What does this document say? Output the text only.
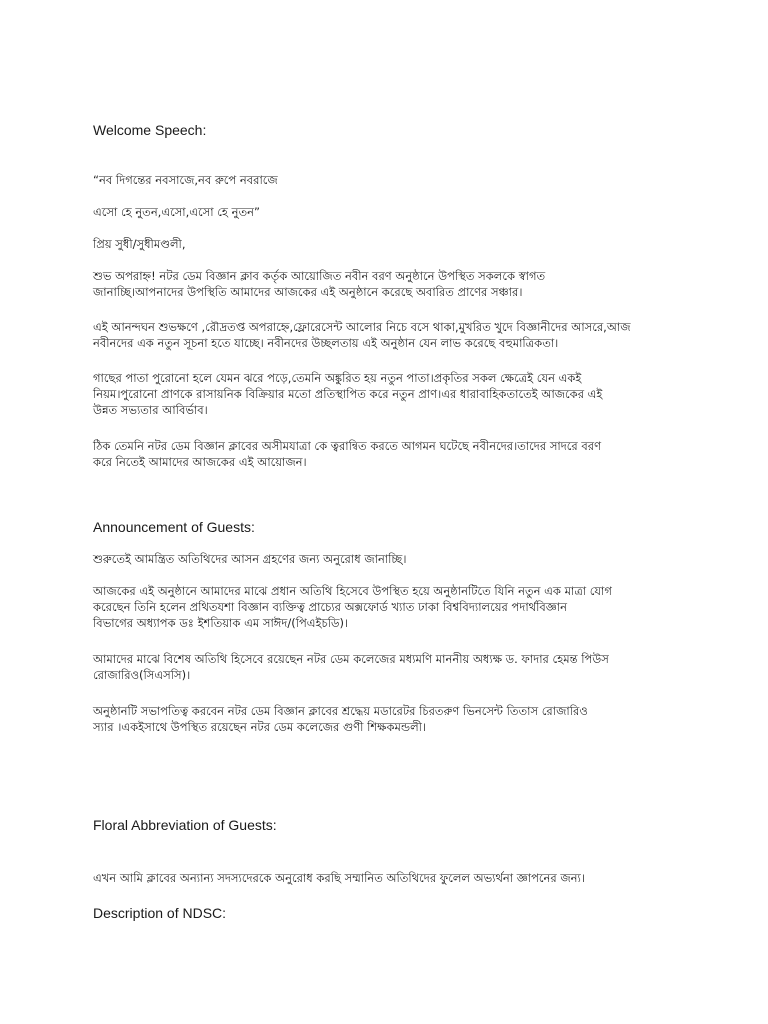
Welcome Speech:
“নব দিগন্তের নবসাজে,নব রুপে নবরাজে
এসো হে নুতন,এসো,এসো হে নুতন”
প্রিয় সুধী/সুধীমণ্ডলী,
শুভ অপরাহ্ন! নটর ডেম বিজ্ঞান ক্লাব কর্তৃক আয়োজিত নবীন বরণ অনুষ্ঠানে উপস্থিত সকলকে স্বাগত
জানাচ্ছি।আপনাদের উপস্থিতি আমাদের আজকের এই অনুষ্ঠানে করেছে অবারিত প্রাণের সঞ্চার।
এই আনন্দঘন শুভক্ষণে ,রৌদ্রতপ্ত অপরাহ্নে,ফ্লোরেসেন্ট আলোর নিচে বসে থাকা,মুখরিত খুদে বিজ্ঞানীদের আসরে,আজ
নবীনদের এক নতুন সূচনা হতে যাচ্ছে। নবীনদের উচ্ছলতায় এই অনুষ্ঠান যেন লাভ করেছে বহুমাত্রিকতা।
গাছের পাতা পুরোনো হলে যেমন ঝরে পড়ে,তেমনি অঙ্কুরিত হয় নতুন পাতা।প্রকৃতির সকল ক্ষেত্রেই যেন একই
নিয়ম।পুরোনো প্রাণকে রাসায়নিক বিক্রিয়ার মতো প্রতিস্থাপিত করে নতুন প্রাণ।এর ধারাবাহিকতাতেই আজকের এই
উন্নত সভ্যতার আবির্ভাব।
ঠিক তেমনি নটর ডেম বিজ্ঞান ক্লাবের অসীমযাত্রা কে ত্বরান্বিত করতে আগমন ঘটেছে নবীনদের।তাদের সাদরে বরণ
করে নিতেই আমাদের আজকের এই আয়োজন।
Announcement of Guests:
শুরুতেই আমন্ত্রিত অতিথিদের আসন গ্রহণের জন্য অনুরোধ জানাচ্ছি।
আজকের এই অনুষ্ঠানে আমাদের মাঝে প্রধান অতিথি হিসেবে উপস্থিত হয়ে অনুষ্ঠানটিতে যিনি নতুন এক মাত্রা যোগ
করেছেন তিনি হলেন প্রথিতযশা বিজ্ঞান ব্যক্তিত্ব প্রাচ্যের অক্সফোর্ড খ্যাত ঢাকা বিশ্ববিদ্যালয়ের পদার্থবিজ্ঞান
বিভাগের অধ্যাপক ডঃ ইশতিয়াক এম সাঈদ/(পিএইচডি)।
আমাদের মাঝে বিশেষ অতিথি হিসেবে রয়েছেন নটর ডেম কলেজের মধ্যমণি মাননীয় অধ্যক্ষ ড. ফাদার হেমন্ত পিউস
রোজারিও(সিএসসি)।
অনুষ্ঠানটি সভাপতিত্ব করবেন নটর ডেম বিজ্ঞান ক্লাবের শ্রদ্ধেয় মডারেটর চিরতরুণ ভিনসেন্ট তিতাস রোজারিও
স্যার ।একইসাথে উপস্থিত রয়েছেন নটর ডেম কলেজের গুণী শিক্ষকমন্ডলী।
Floral Abbreviation of Guests:
এখন আমি ক্লাবের অন্যান্য সদস্যদেরকে অনুরোধ করছি সম্মানিত অতিথিদের ফুলেল অভ্যর্থনা জ্ঞাপনের জন্য।
Description of NDSC:
